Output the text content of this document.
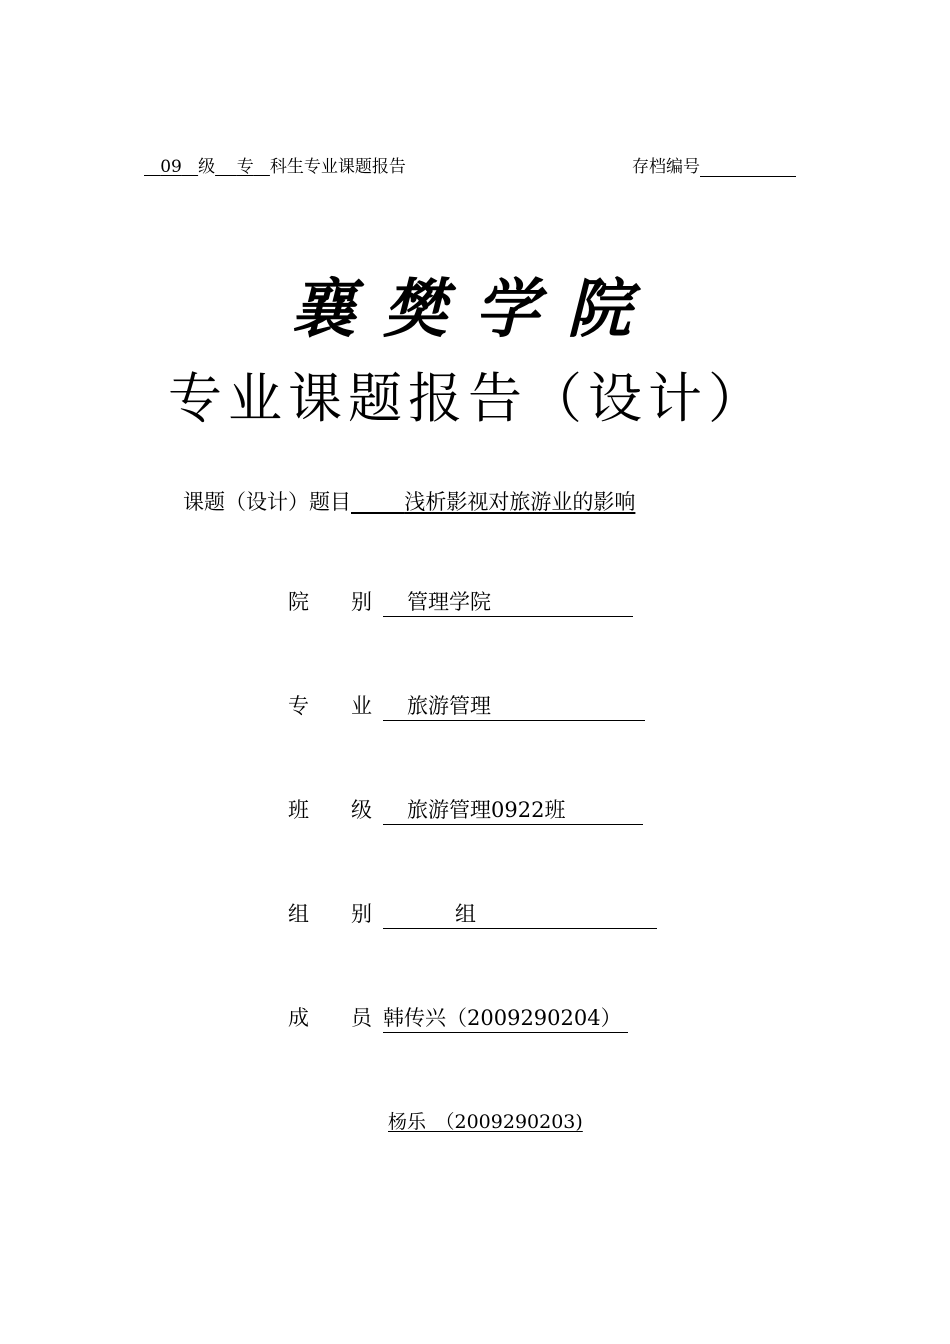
09 级 专 科生专业课题报告	存档编号
襄樊学院
专业课题报告（设计）
课题（设计）题目	浅析影视对旅游业的影响
院　　别 管理学院
专　　业 旅游管理
班　　级 旅游管理0922班
组　　别	组
成　　员 韩传兴（2009290204）
杨乐　（2009290203)
